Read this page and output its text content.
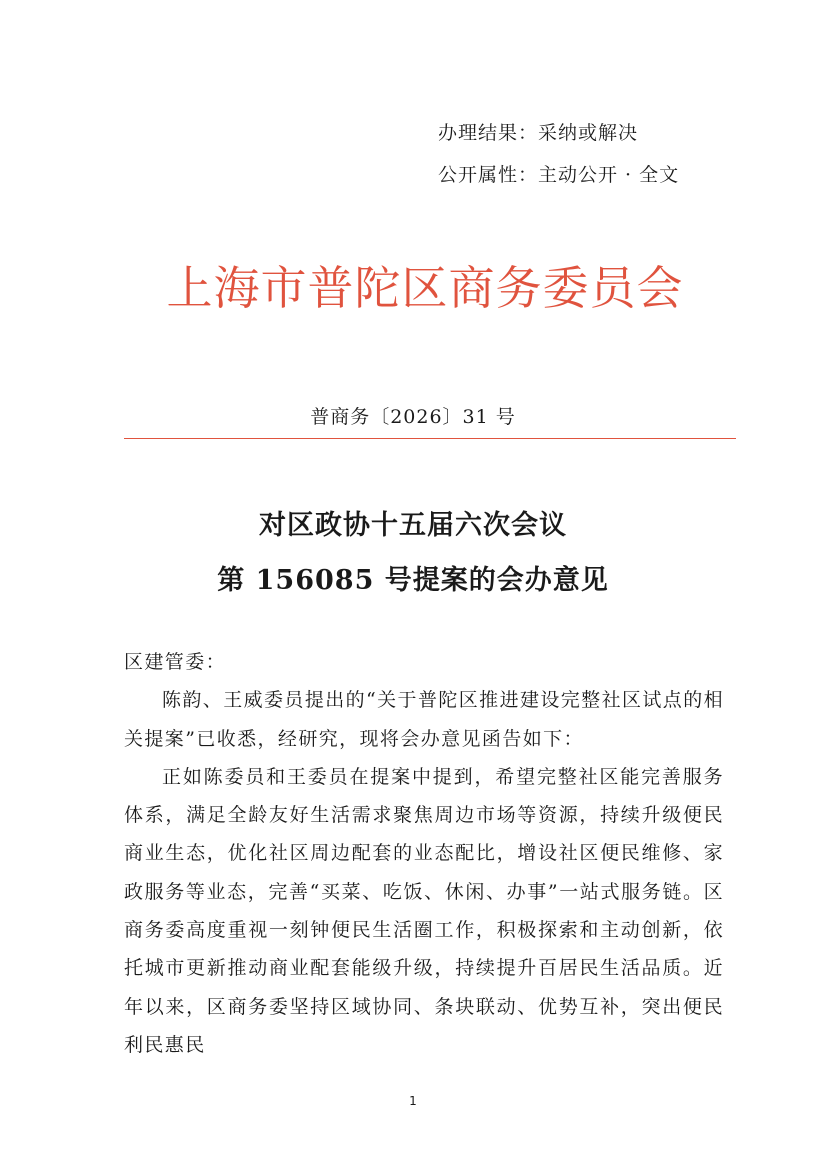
办理结果：采纳或解决
公开属性：主动公开 · 全文
上海市普陀区商务委员会
普商务〔2026〕31 号
对区政协十五届六次会议
第 156085 号提案的会办意见

区建管委：

陈韵、王威委员提出的“关于普陀区推进建设完整社区试点的相关提案”已收悉，经研究，现将会办意见函告如下：

正如陈委员和王委员在提案中提到，希望完整社区能完善服务体系，满足全龄友好生活需求聚焦周边市场等资源，持续升级便民商业生态，优化社区周边配套的业态配比，增设社区便民维修、家政服务等业态，完善“买菜、吃饭、休闲、办事”一站式服务链。区商务委高度重视一刻钟便民生活圈工作，积极探索和主动创新，依托城市更新推动商业配套能级升级，持续提升百居民生活品质。近年以来，区商务委坚持区域协同、条块联动、优势互补，突出便民利民惠民

1
